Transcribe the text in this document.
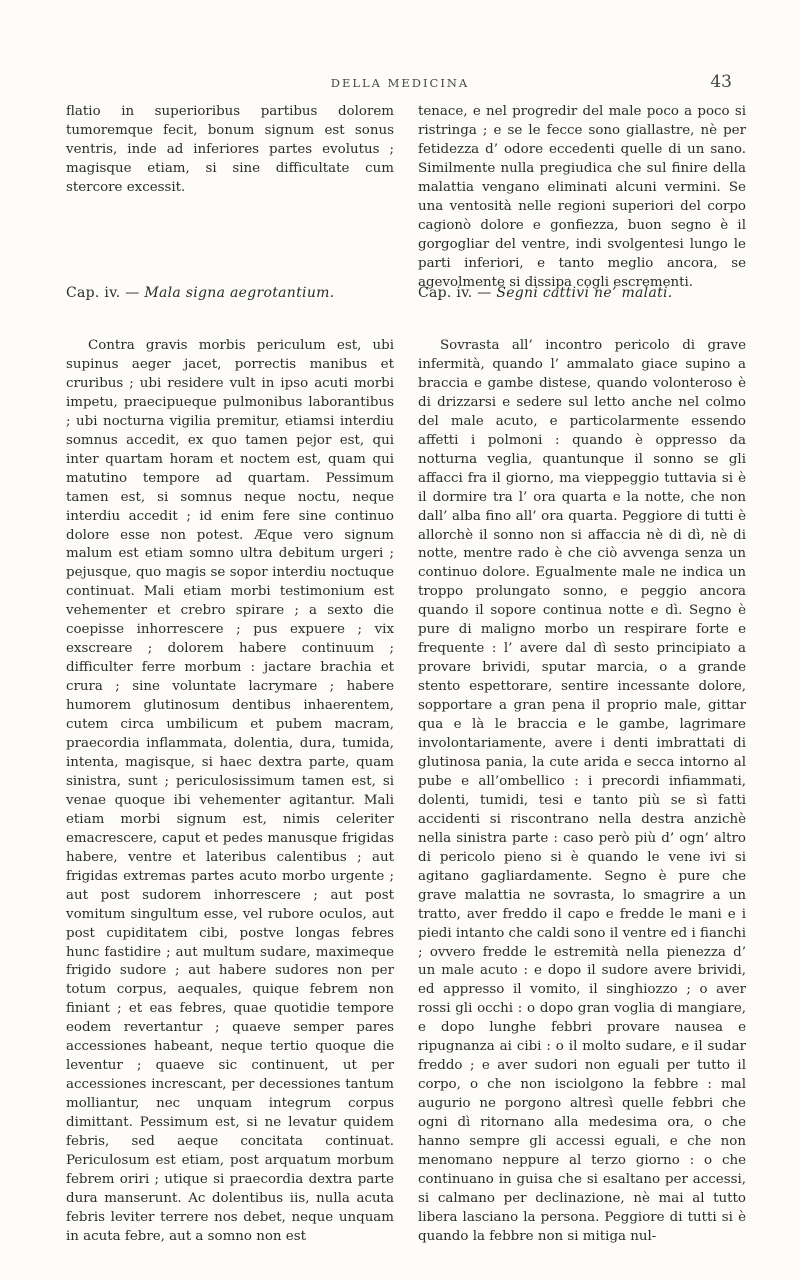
DELLA MEDICINA	43

flatio in superioribus partibus dolorem tumoremque fecit, bonum signum est sonus ventris, inde ad inferiores partes evolutus ; magisque etiam, si sine difficultate cum stercore excessit.

Cap. iv. — Mala signa aegrotantium.

Contra gravis morbis periculum est, ubi supinus aeger jacet, porrectis manibus et cruribus ; ubi residere vult in ipso acuti morbi impetu, praecipueque pulmonibus laborantibus ; ubi nocturna vigilia premitur, etiamsi interdiu somnus accedit, ex quo tamen pejor est, qui inter quartam horam et noctem est, quam qui matutino tempore ad quartam. Pessimum tamen est, si somnus neque noctu, neque interdiu accedit ; id enim fere sine continuo dolore esse non potest. Æque vero signum malum est etiam somno ultra debitum urgeri ; pejusque, quo magis se sopor interdiu noctuque continuat. Mali etiam morbi testimonium est vehementer et crebro spirare ; a sexto die coepisse inhorrescere ; pus expuere ; vix exscreare ; dolorem habere continuum ; difficulter ferre morbum : jactare brachia et crura ; sine voluntate lacrymare ; habere humorem glutinosum dentibus inhaerentem, cutem circa umbilicum et pubem macram, praecordia inflammata, dolentia, dura, tumida, intenta, magisque, si haec dextra parte, quam sinistra, sunt ; periculosissimum tamen est, si venae quoque ibi vehementer agitantur. Mali etiam morbi signum est, nimis celeriter emacrescere, caput et pedes manusque frigidas habere, ventre et lateribus calentibus ; aut frigidas extremas partes acuto morbo urgente ; aut post sudorem inhorrescere ; aut post vomitum singultum esse, vel rubore oculos, aut post cupiditatem cibi, postve longas febres hunc fastidire ; aut multum sudare, maximeque frigido sudore ; aut habere sudores non per totum corpus, aequales, quique febrem non finiant ; et eas febres, quae quotidie tempore eodem revertantur ; quaeve semper pares accessiones habeant, neque tertio quoque die leventur ; quaeve sic continuent, ut per accessiones increscant, per decessiones tantum molliantur, nec unquam integrum corpus dimittant. Pessimum est, si ne levatur quidem febris, sed aeque concitata continuat. Periculosum est etiam, post arquatum morbum febrem oriri ; utique si praecordia dextra parte dura manserunt. Ac dolentibus iis, nulla acuta febris leviter terrere nos debet, neque unquam in acuta febre, aut a somno non est

tenace, e nel progredir del male poco a poco si ristringa ; e se le fecce sono giallastre, nè per fetidezza d’ odore eccedenti quelle di un sano. Similmente nulla pregiudica che sul finire della malattia vengano eliminati alcuni vermini. Se una ventosità nelle regioni superiori del corpo cagionò dolore e gonfiezza, buon segno è il gorgogliar del ventre, indi svolgentesi lungo le parti inferiori, e tanto meglio ancora, se agevolmente si dissipa cogli escrementi.

Cap. iv. — Segni cattivi ne’ malati.

Sovrasta all’ incontro pericolo di grave infermità, quando l’ ammalato giace supino a braccia e gambe distese, quando volonteroso è di drizzarsi e sedere sul letto anche nel colmo del male acuto, e particolarmente essendo affetti i polmoni : quando è oppresso da notturna veglia, quantunque il sonno se gli affacci fra il giorno, ma vieppeggio tuttavia si è il dormire tra l’ ora quarta e la notte, che non dall’ alba fino all’ ora quarta. Peggiore di tutti è allorchè il sonno non si affaccia nè di dì, nè di notte, mentre rado è che ciò avvenga senza un continuo dolore. Egualmente male ne indica un troppo prolungato sonno, e peggio ancora quando il sopore continua notte e dì. Segno è pure di maligno morbo un respirare forte e frequente : l’ avere dal dì sesto principiato a provare brividi, sputar marcia, o a grande stento espettorare, sentire incessante dolore, sopportare a gran pena il proprio male, gittar qua e là le braccia e le gambe, lagrimare involontariamente, avere i denti imbrattati di glutinosa pania, la cute arida e secca intorno al pube e all’ombellico : i precordi infiammati, dolenti, tumidi, tesi e tanto più se sì fatti accidenti si riscontrano nella destra anzichè nella sinistra parte : caso però più d’ ogn’ altro di pericolo pieno si è quando le vene ivi si agitano gagliardamente. Segno è pure che grave malattia ne sovrasta, lo smagrire a un tratto, aver freddo il capo e fredde le mani e i piedi intanto che caldi sono il ventre ed i fianchi ; ovvero fredde le estremità nella pienezza d’ un male acuto : e dopo il sudore avere brividi, ed appresso il vomito, il singhiozzo ; o aver rossi gli occhi : o dopo gran voglia di mangiare, e dopo lunghe febbri provare nausea e ripugnanza ai cibi : o il molto sudare, e il sudar freddo ; e aver sudori non eguali per tutto il corpo, o che non isciolgono la febbre : mal augurio ne porgono altresì quelle febbri che ogni dì ritornano alla medesima ora, o che hanno sempre gli accessi eguali, e che non menomano neppure al terzo giorno : o che continuano in guisa che si esaltano per accessi, si calmano per declinazione, nè mai al tutto libera lasciano la persona. Peggiore di tutti si è quando la febbre non si mitiga nul-
